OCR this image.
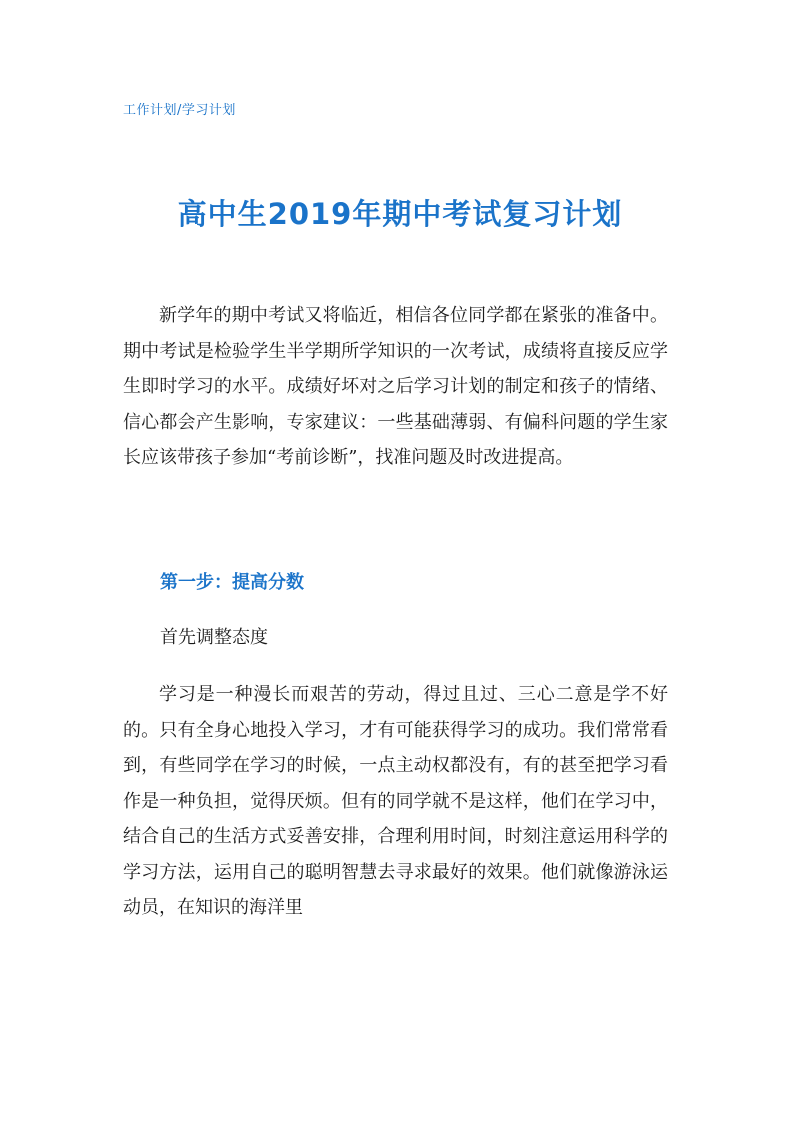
工作计划/学习计划
高中生2019年期中考试复习计划

新学年的期中考试又将临近，相信各位同学都在紧张的准备中。期中考试是检验学生半学期所学知识的一次考试，成绩将直接反应学生即时学习的水平。成绩好坏对之后学习计划的制定和孩子的情绪、信心都会产生影响，专家建议：一些基础薄弱、有偏科问题的学生家长应该带孩子参加“考前诊断”，找准问题及时改进提高。

第一步：提高分数

首先调整态度

学习是一种漫长而艰苦的劳动，得过且过、三心二意是学不好的。只有全身心地投入学习，才有可能获得学习的成功。我们常常看到，有些同学在学习的时候，一点主动权都没有，有的甚至把学习看作是一种负担，觉得厌烦。但有的同学就不是这样，他们在学习中，结合自己的生活方式妥善安排，合理利用时间，时刻注意运用科学的学习方法，运用自己的聪明智慧去寻求最好的效果。他们就像游泳运动员，在知识的海洋里
